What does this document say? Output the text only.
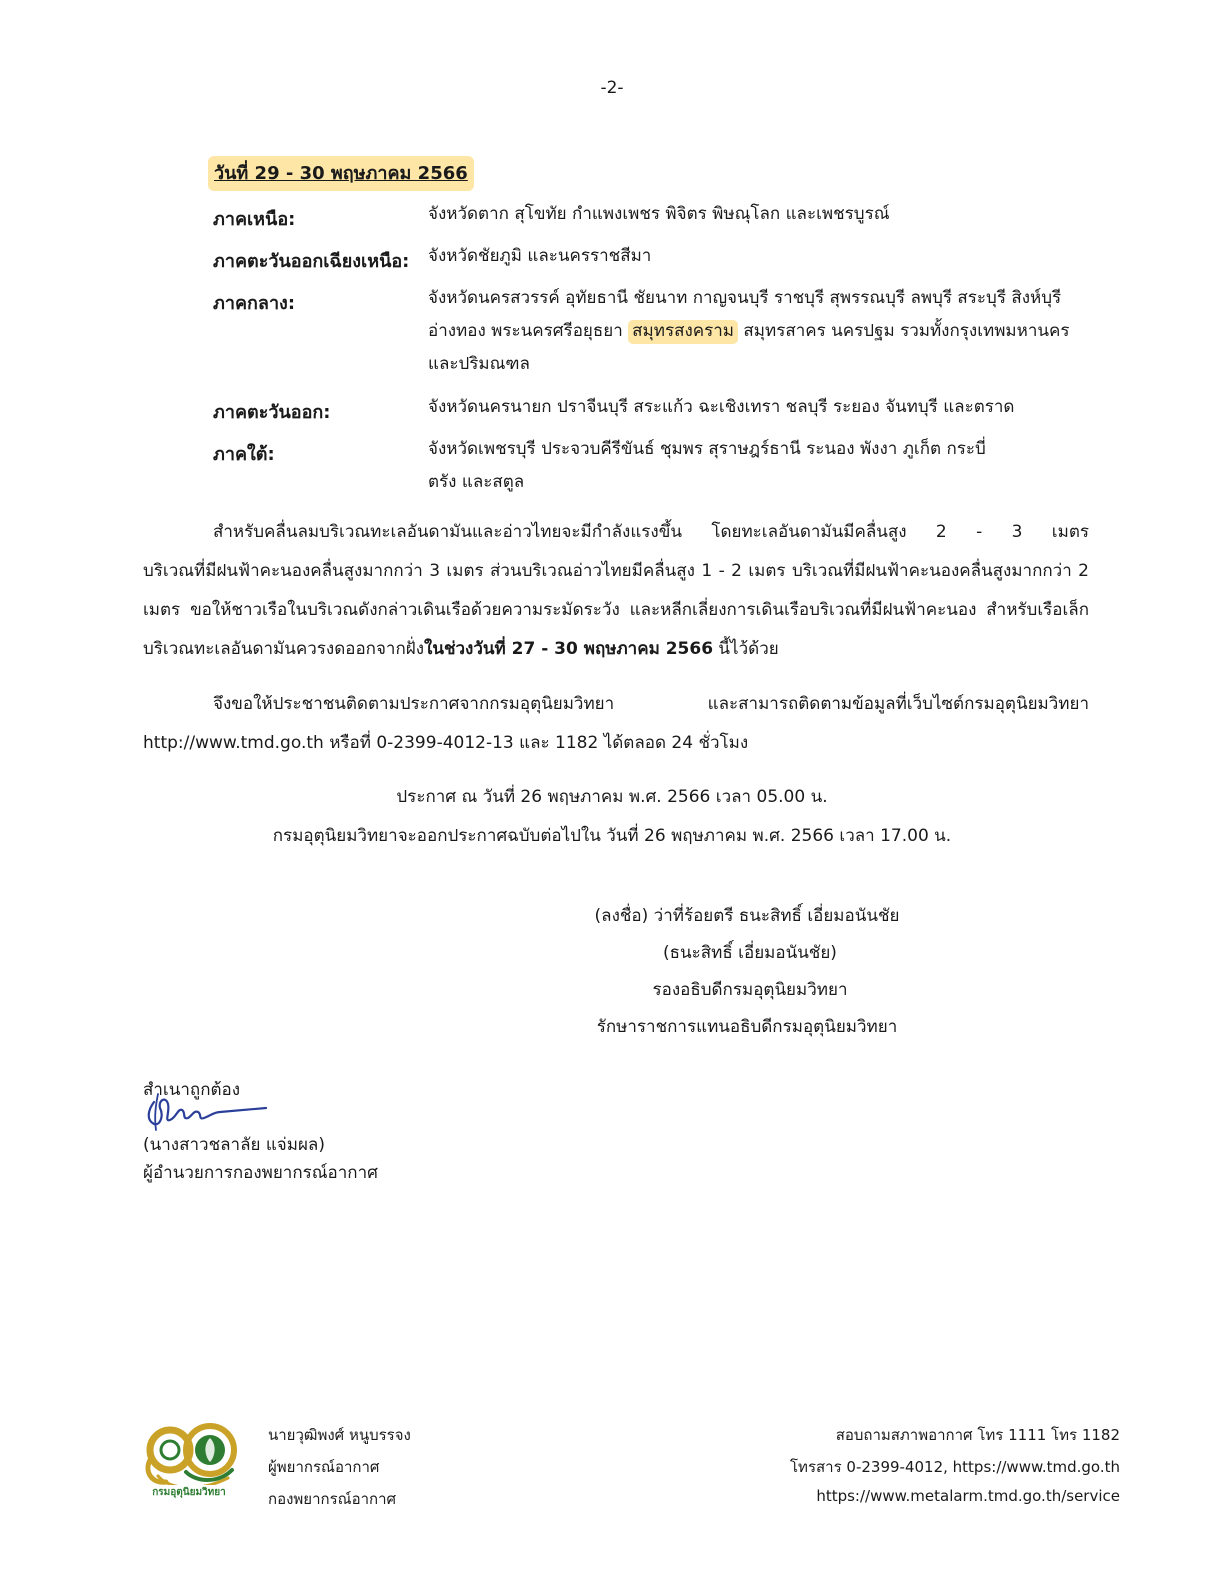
-2-
วันที่ 29 - 30 พฤษภาคม 2566
ภาคเหนือ:	จังหวัดตาก สุโขทัย กำแพงเพชร พิจิตร พิษณุโลก และเพชรบูรณ์
ภาคตะวันออกเฉียงเหนือ: จังหวัดชัยภูมิ และนครราชสีมา
ภาคกลาง:	จังหวัดนครสวรรค์ อุทัยธานี ชัยนาท กาญจนบุรี ราชบุรี สุพรรณบุรี ลพบุรี สระบุรี สิงห์บุรี
อ่างทอง พระนครศรีอยุธยา สมุทรสงคราม สมุทรสาคร นครปฐม รวมทั้งกรุงเทพมหานคร
และปริมณฑล
ภาคตะวันออก:	จังหวัดนครนายก ปราจีนบุรี สระแก้ว ฉะเชิงเทรา ชลบุรี ระยอง จันทบุรี และตราด
ภาคใต้:	จังหวัดเพชรบุรี ประจวบคีรีขันธ์ ชุมพร สุราษฎร์ธานี ระนอง พังงา ภูเก็ต กระบี่
ตรัง และสตูล
สำหรับคลื่นลมบริเวณทะเลอันดามันและอ่าวไทยจะมีกำลังแรงขึ้น โดยทะเลอันดามันมีคลื่นสูง 2 - 3 เมตร
บริเวณที่มีฝนฟ้าคะนองคลื่นสูงมากกว่า 3 เมตร ส่วนบริเวณอ่าวไทยมีคลื่นสูง 1 - 2 เมตร บริเวณที่มีฝนฟ้าคะนองคลื่นสูงมากกว่า 2
เมตร ขอให้ชาวเรือในบริเวณดังกล่าวเดินเรือด้วยความระมัดระวัง และหลีกเลี่ยงการเดินเรือบริเวณที่มีฝนฟ้าคะนอง สำหรับเรือเล็ก
บริเวณทะเลอันดามันควรงดออกจากฝั่งในช่วงวันที่ 27 - 30 พฤษภาคม 2566 นี้ไว้ด้วย
จึงขอให้ประชาชนติดตามประกาศจากกรมอุตุนิยมวิทยา และสามารถติดตามข้อมูลที่เว็บไซต์กรมอุตุนิยมวิทยา
http://www.tmd.go.th หรือที่ 0-2399-4012-13 และ 1182 ได้ตลอด 24 ชั่วโมง
ประกาศ ณ วันที่ 26 พฤษภาคม พ.ศ. 2566 เวลา 05.00 น.
กรมอุตุนิยมวิทยาจะออกประกาศฉบับต่อไปใน วันที่ 26 พฤษภาคม พ.ศ. 2566 เวลา 17.00 น.
(ลงชื่อ) ว่าที่ร้อยตรี ธนะสิทธิ์ เอี่ยมอนันชัย
(ธนะสิทธิ์ เอี่ยมอนันชัย)
รองอธิบดีกรมอุตุนิยมวิทยา
รักษาราชการแทนอธิบดีกรมอุตุนิยมวิทยา
สำเนาถูกต้อง
(นางสาวชลาลัย แจ่มผล)
ผู้อำนวยการกองพยากรณ์อากาศ
กรมอุตุนิยมวิทยา
นายวุฒิพงศ์ หนูบรรจง
ผู้พยากรณ์อากาศ
กองพยากรณ์อากาศ
สอบถามสภาพอากาศ โทร 1111 โทร 1182
โทรสาร 0-2399-4012, https://www.tmd.go.th
https://www.metalarm.tmd.go.th/service
